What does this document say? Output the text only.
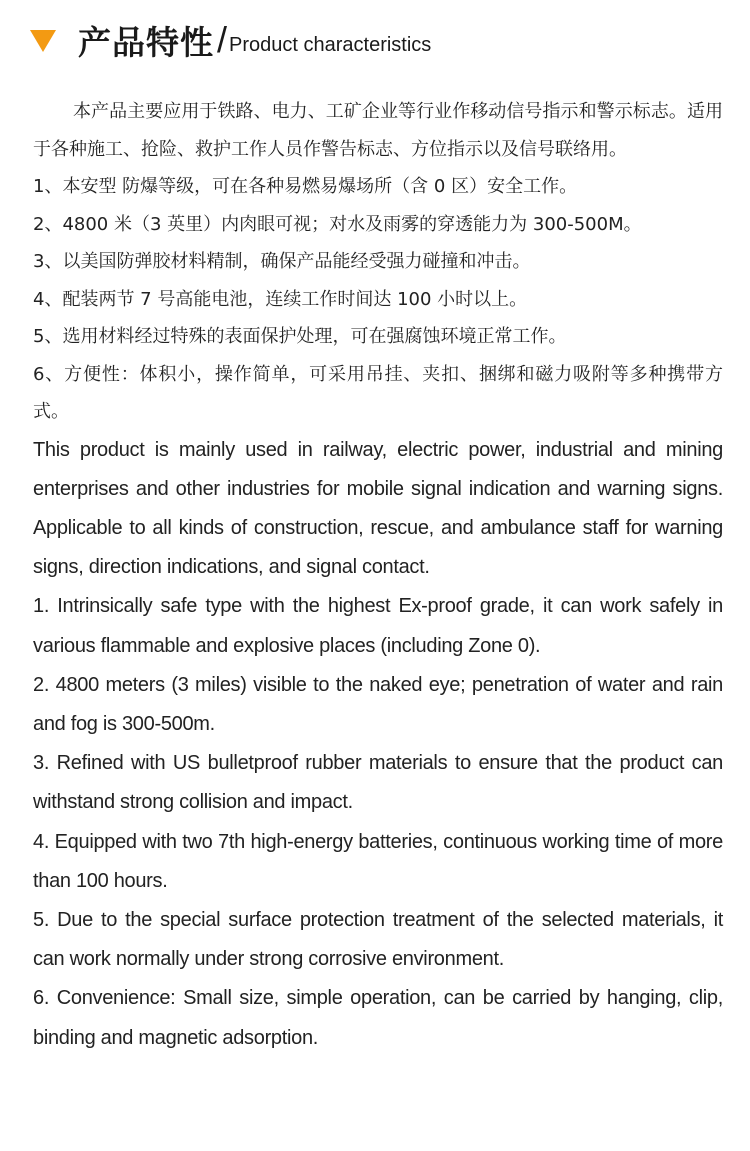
产品特性 / Product characteristics

本产品主要应用于铁路、电力、工矿企业等行业作移动信号指示和警示标志。适用于各种施工、抢险、救护工作人员作警告标志、方位指示以及信号联络用。

1、本安型 防爆等级，可在各种易燃易爆场所（含 0 区）安全工作。

2、4800 米（3 英里）内肉眼可视；对水及雨雾的穿透能力为 300-500M。

3、以美国防弹胶材料精制，确保产品能经受强力碰撞和冲击。

4、配装两节 7 号高能电池，连续工作时间达 100 小时以上。

5、选用材料经过特殊的表面保护处理，可在强腐蚀环境正常工作。

6、方便性：体积小，操作简单，可采用吊挂、夹扣、捆绑和磁力吸附等多种携带方式。

This product is mainly used in railway, electric power, industrial and mining enterprises and other industries for mobile signal indication and warning signs. Applicable to all kinds of construction, rescue, and ambulance staff for warning signs, direction indications, and signal contact.

1. Intrinsically safe type with the highest Ex-proof grade, it can work safely in various flammable and explosive places (including Zone 0).

2. 4800 meters (3 miles) visible to the naked eye; penetration of water and rain and fog is 300-500m.

3. Refined with US bulletproof rubber materials to ensure that the product can withstand strong collision and impact.

4. Equipped with two 7th high-energy batteries, continuous working time of more than 100 hours.

5. Due to the special surface protection treatment of the selected materials, it can work normally under strong corrosive environment.

6. Convenience: Small size, simple operation, can be carried by hanging, clip, binding and magnetic adsorption.
